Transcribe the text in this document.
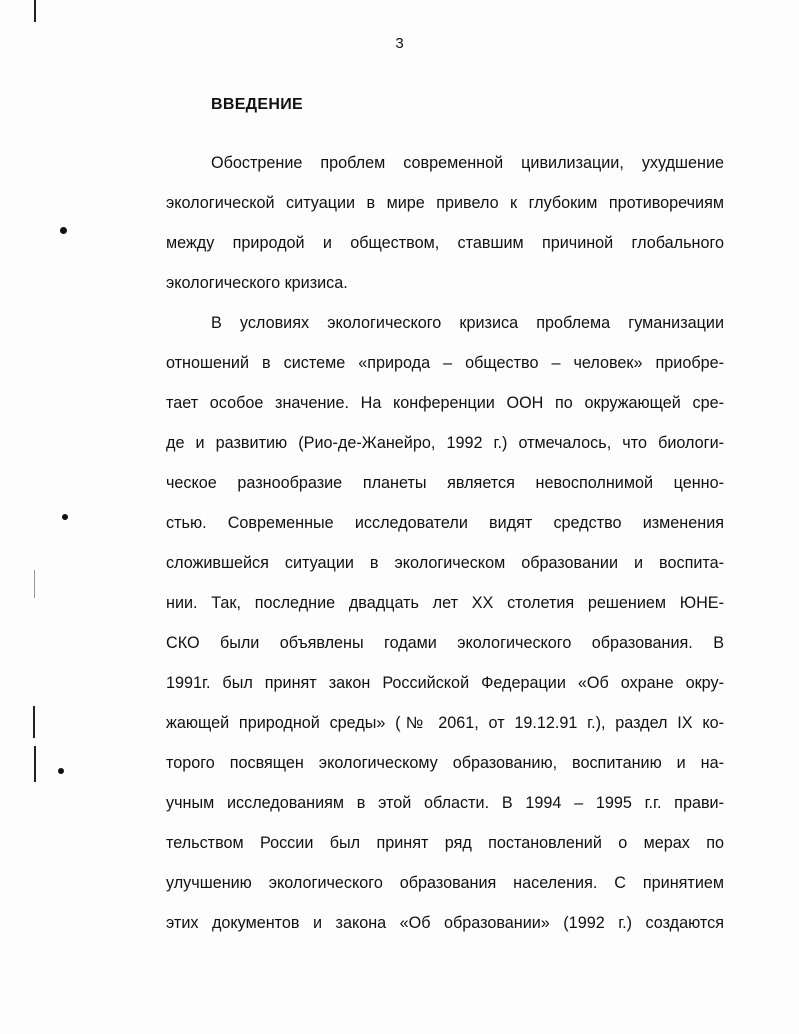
3
ВВЕДЕНИЕ
Обострение проблем современной цивилизации, ухудшение
экологической ситуации в мире привело к глубоким противоречиям
между природой и обществом, ставшим причиной глобального
экологического кризиса.
В условиях экологического кризиса проблема гуманизации
отношений в системе «природа – общество – человек» приобре-
тает особое значение. На конференции ООН по окружающей сре-
де и развитию (Рио-де-Жанейро, 1992 г.) отмечалось, что биологи-
ческое разнообразие планеты является невосполнимой ценно-
стью. Современные исследователи видят средство изменения
сложившейся ситуации в экологическом образовании и воспита-
нии. Так, последние двадцать лет XX столетия решением ЮНЕ-
СКО были объявлены годами экологического образования. В
1991г. был принят закон Российской Федерации «Об охране окру-
жающей природной среды» (№ 2061, от 19.12.91 г.), раздел IX ко-
торого посвящен экологическому образованию, воспитанию и на-
учным исследованиям в этой области. В 1994 – 1995 г.г. прави-
тельством России был принят ряд постановлений о мерах по
улучшению экологического образования населения. С принятием
этих документов и закона «Об образовании» (1992 г.) создаются
